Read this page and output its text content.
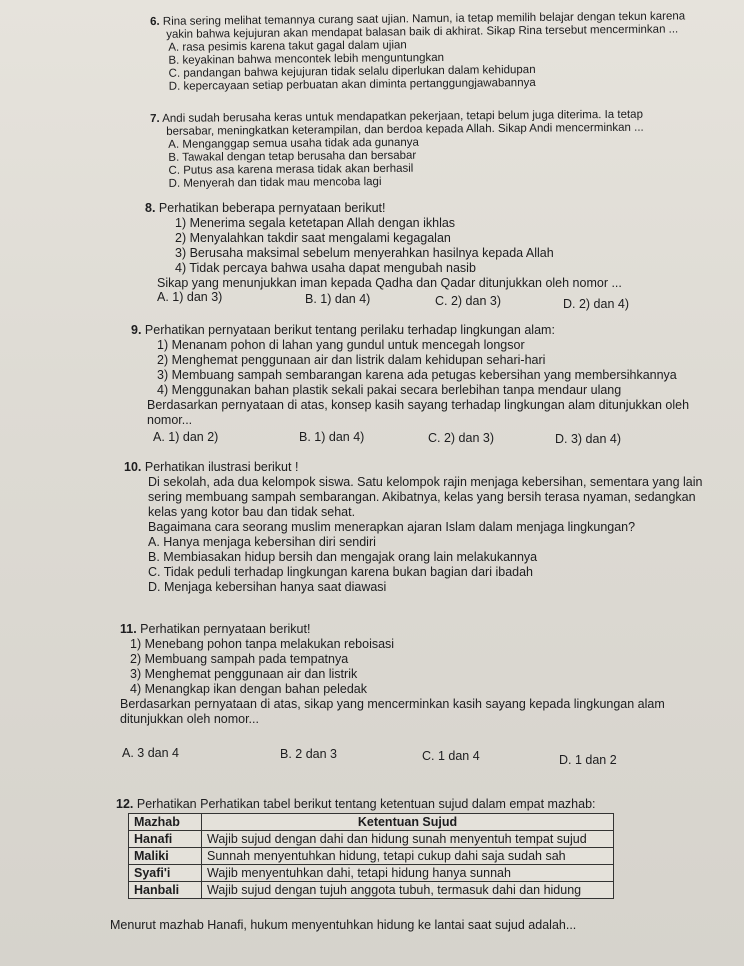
6. Rina sering melihat temannya curang saat ujian. Namun, ia tetap memilih belajar dengan tekun karena
yakin bahwa kejujuran akan mendapat balasan baik di akhirat. Sikap Rina tersebut mencerminkan ...
A. rasa pesimis karena takut gagal dalam ujian
B. keyakinan bahwa mencontek lebih menguntungkan
C. pandangan bahwa kejujuran tidak selalu diperlukan dalam kehidupan
D. kepercayaan setiap perbuatan akan diminta pertanggungjawabannya
7. Andi sudah berusaha keras untuk mendapatkan pekerjaan, tetapi belum juga diterima. Ia tetap
bersabar, meningkatkan keterampilan, dan berdoa kepada Allah. Sikap Andi mencerminkan ...
A. Menganggap semua usaha tidak ada gunanya
B. Tawakal dengan tetap berusaha dan bersabar
C. Putus asa karena merasa tidak akan berhasil
D. Menyerah dan tidak mau mencoba lagi
8. Perhatikan beberapa pernyataan berikut!
1) Menerima segala ketetapan Allah dengan ikhlas
2) Menyalahkan takdir saat mengalami kegagalan
3) Berusaha maksimal sebelum menyerahkan hasilnya kepada Allah
4) Tidak percaya bahwa usaha dapat mengubah nasib
Sikap yang menunjukkan iman kepada Qadha dan Qadar ditunjukkan oleh nomor ...
A. 1) dan 3)	B. 1) dan 4)	C. 2) dan 3)	D. 2) dan 4)
9. Perhatikan pernyataan berikut tentang perilaku terhadap lingkungan alam:
1) Menanam pohon di lahan yang gundul untuk mencegah longsor
2) Menghemat penggunaan air dan listrik dalam kehidupan sehari-hari
3) Membuang sampah sembarangan karena ada petugas kebersihan yang membersihkannya
4) Menggunakan bahan plastik sekali pakai secara berlebihan tanpa mendaur ulang
Berdasarkan pernyataan di atas, konsep kasih sayang terhadap lingkungan alam ditunjukkan oleh
nomor...
A. 1) dan 2)	B. 1) dan 4)	C. 2) dan 3)	D. 3) dan 4)
10. Perhatikan ilustrasi berikut !
Di sekolah, ada dua kelompok siswa. Satu kelompok rajin menjaga kebersihan, sementara yang lain
sering membuang sampah sembarangan. Akibatnya, kelas yang bersih terasa nyaman, sedangkan
kelas yang kotor bau dan tidak sehat.
Bagaimana cara seorang muslim menerapkan ajaran Islam dalam menjaga lingkungan?
A. Hanya menjaga kebersihan diri sendiri
B. Membiasakan hidup bersih dan mengajak orang lain melakukannya
C. Tidak peduli terhadap lingkungan karena bukan bagian dari ibadah
D. Menjaga kebersihan hanya saat diawasi
11. Perhatikan pernyataan berikut!
1) Menebang pohon tanpa melakukan reboisasi
2) Membuang sampah pada tempatnya
3) Menghemat penggunaan air dan listrik
4) Menangkap ikan dengan bahan peledak
Berdasarkan pernyataan di atas, sikap yang mencerminkan kasih sayang kepada lingkungan alam
ditunjukkan oleh nomor...
A. 3 dan 4	B. 2 dan 3	C. 1 dan 4	D. 1 dan 2
12. Perhatikan Perhatikan tabel berikut tentang ketentuan sujud dalam empat mazhab:
Mazhab	Ketentuan Sujud
Hanafi	Wajib sujud dengan dahi dan hidung sunah menyentuh tempat sujud
Maliki	Sunnah menyentuhkan hidung, tetapi cukup dahi saja sudah sah
Syafi'i	Wajib menyentuhkan dahi, tetapi hidung hanya sunnah
Hanbali	Wajib sujud dengan tujuh anggota tubuh, termasuk dahi dan hidung
Menurut mazhab Hanafi, hukum menyentuhkan hidung ke lantai saat sujud adalah...
